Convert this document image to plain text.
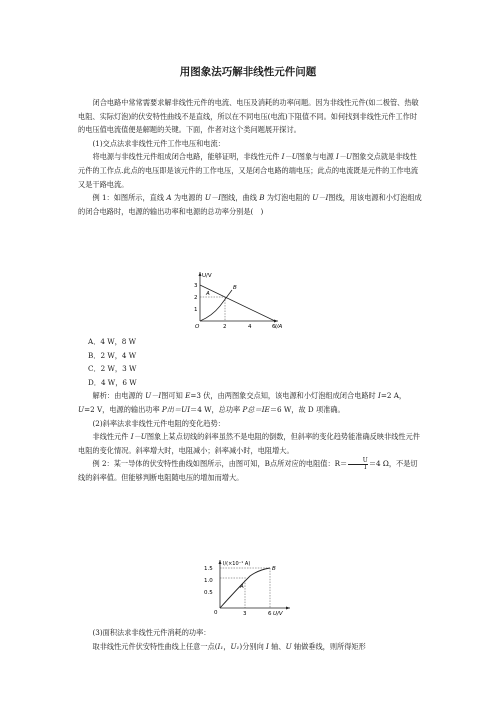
用图象法巧解非线性元件问题

闭合电路中常常需要求解非线性元件的电流、电压及消耗的功率问题。因为非线性元件(如二极管、热敏电阻、实际灯泡)的伏安特性曲线不是直线，所以在不同电压(电流)下阻值不同。如何找到非线性元件工作时的电压值电流值便是解题的关键。下面，作者对这个类问题展开探讨。

(1)交点法求非线性元件工作电压和电流：

将电源与非线性元件组成闭合电路，能够证明，非线性元件 I－U图象与电源 I－U图象交点就是非线性元件的工作点.此点的电压即是该元件的工作电压，又是闭合电路的端电压；此点的电流既是元件的工作电流又是干路电流。

例 1：如图所示，直线 A 为电源的 U－I图线，曲线 B 为灯泡电阻的 U－I图线，用该电源和小灯泡组成的闭合电路时，电源的输出功率和电源的总功率分别是(　)

U/V
3
2
1
O	2	4	6 I/A
B
A

A．4 W，8 W

B．2 W，4 W

C．2 W，3 W

D．4 W，6 W

解析：由电源的 U－I图可知 E=3 伏，由两图象交点知，该电源和小灯泡组成闭合电路时 I=2 A，U=2 V，电源的输出功率 P出＝UI＝4 W，总功率 P总＝IE＝6 W，故 D 项准确。

(2)斜率法求非线性元件电阻的变化趋势：

非线性元件 I－U图象上某点切线的斜率虽然不是电阻的倒数，但斜率的变化趋势能准确反映非线性元件电阻的变化情况。斜率增大时，电阻减小；斜率减小时，电阻增大。

例 2：某一导体的伏安特性曲线如图所示，由图可知，B点所对应的电阻值：$R= \frac{U}{I} =4$ Ω，不是切线的斜率值。但能够判断电阻随电压的增加而增大。

I/(×10⁻¹ A)
1.5
1.0
0.5
0	3	6 U/V
B
A

(3)面积法求非线性元件消耗的功率：

取非线性元件伏安特性曲线上任意一点(I₁，U₁)分别向 I 轴、U 轴做垂线，则所得矩形
